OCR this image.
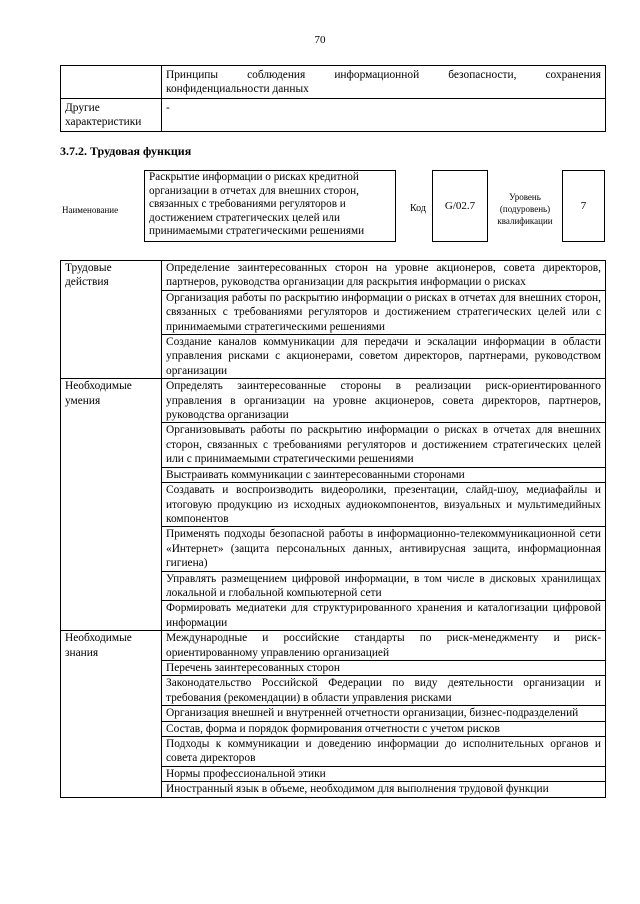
70
	Принципы соблюдения информационной безопасности, сохранения конфиденциальности данных
Другие характеристики	-
3.7.2. Трудовая функция
Наименование
Раскрытие информации о рисках кредитной организации в отчетах для внешних сторон, связанных с требованиями регуляторов и достижением стратегических целей или принимаемыми стратегическими решениями
Код	G/02.7
Уровень (подуровень) квалификации
7
Трудовые действия	Определение заинтересованных сторон на уровне акционеров, совета директоров, партнеров, руководства организации для раскрытия информации о рисках
	Организация работы по раскрытию информации о рисках в отчетах для внешних сторон, связанных с требованиями регуляторов и достижением стратегических целей или с принимаемыми стратегическими решениями
	Создание каналов коммуникации для передачи и эскалации информации в области управления рисками с акционерами, советом директоров, партнерами, руководством организации
Необходимые умения	Определять заинтересованные стороны в реализации риск-ориентированного управления в организации на уровне акционеров, совета директоров, партнеров, руководства организации
	Организовывать работы по раскрытию информации о рисках в отчетах для внешних сторон, связанных с требованиями регуляторов и достижением стратегических целей или с принимаемыми стратегическими решениями
	Выстраивать коммуникации с заинтересованными сторонами
	Создавать и воспроизводить видеоролики, презентации, слайд-шоу, медиафайлы и итоговую продукцию из исходных аудиокомпонентов, визуальных и мультимедийных компонентов
	Применять подходы безопасной работы в информационно-телекоммуникационной сети «Интернет» (защита персональных данных, антивирусная защита, информационная гигиена)
	Управлять размещением цифровой информации, в том числе в дисковых хранилищах локальной и глобальной компьютерной сети
	Формировать медиатеки для структурированного хранения и каталогизации цифровой информации
Необходимые знания	Международные и российские стандарты по риск-менеджменту и риск-ориентированному управлению организацией
	Перечень заинтересованных сторон
	Законодательство Российской Федерации по виду деятельности организации и требования (рекомендации) в области управления рисками
	Организация внешней и внутренней отчетности организации, бизнес-подразделений
	Состав, форма и порядок формирования отчетности с учетом рисков
	Подходы к коммуникации и доведению информации до исполнительных органов и совета директоров
	Нормы профессиональной этики
	Иностранный язык в объеме, необходимом для выполнения трудовой функции
